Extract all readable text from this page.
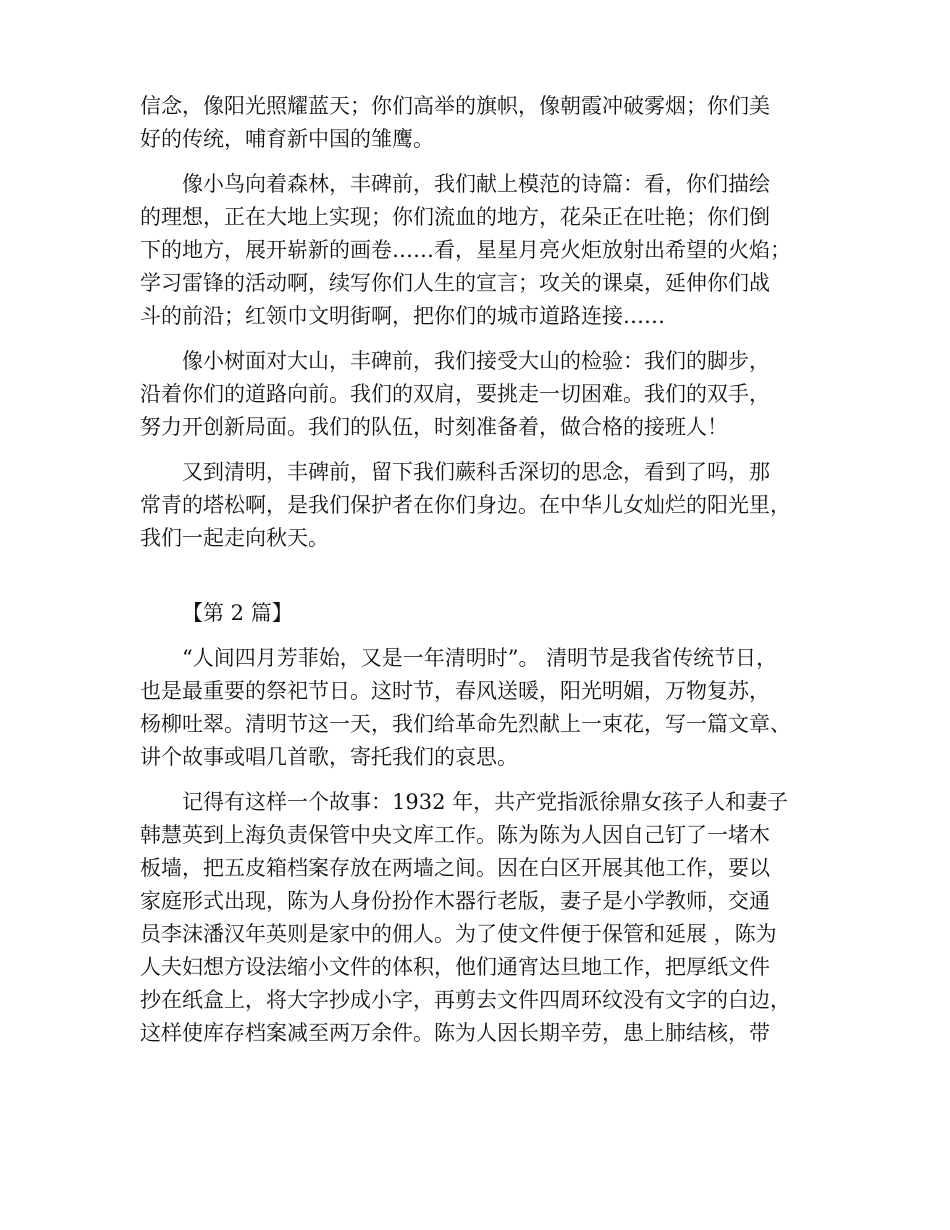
信念，像阳光照耀蓝天；你们高举的旗帜，像朝霞冲破雾烟；你们美
好的传统，哺育新中国的雏鹰。

像小鸟向着森林，丰碑前，我们献上模范的诗篇：看，你们描绘
的理想，正在大地上实现；你们流血的地方，花朵正在吐艳；你们倒
下的地方，展开崭新的画卷……看，星星月亮火炬放射出希望的火焰；
学习雷锋的活动啊，续写你们人生的宣言；攻关的课桌，延伸你们战
斗的前沿；红领巾文明街啊，把你们的城市道路连接……

像小树面对大山，丰碑前，我们接受大山的检验：我们的脚步，
沿着你们的道路向前。我们的双肩，要挑走一切困难。我们的双手，
努力开创新局面。我们的队伍，时刻准备着，做合格的接班人！

又到清明，丰碑前，留下我们蕨科舌深切的思念，看到了吗，那
常青的塔松啊，是我们保护者在你们身边。在中华儿女灿烂的阳光里，
我们一起走向秋天。

【第 2 篇】

“人间四月芳菲始，又是一年清明时”。 清明节是我省传统节日，
也是最重要的祭祀节日。这时节，春风送暖，阳光明媚，万物复苏，
杨柳吐翠。清明节这一天，我们给革命先烈献上一束花，写一篇文章、
讲个故事或唱几首歌，寄托我们的哀思。

记得有这样一个故事：1932 年，共产党指派徐鼎女孩子人和妻子
韩慧英到上海负责保管中央文库工作。陈为陈为人因自己钉了一堵木
板墙，把五皮箱档案存放在两墙之间。因在白区开展其他工作，要以
家庭形式出现，陈为人身份扮作木器行老版，妻子是小学教师，交通
员李沫潘汉年英则是家中的佣人。为了使文件便于保管和延展 ，陈为
人夫妇想方设法缩小文件的体积，他们通宵达旦地工作，把厚纸文件
抄在纸盒上，将大字抄成小字，再剪去文件四周环纹没有文字的白边，
这样使库存档案减至两万余件。陈为人因长期辛劳，患上肺结核，带
